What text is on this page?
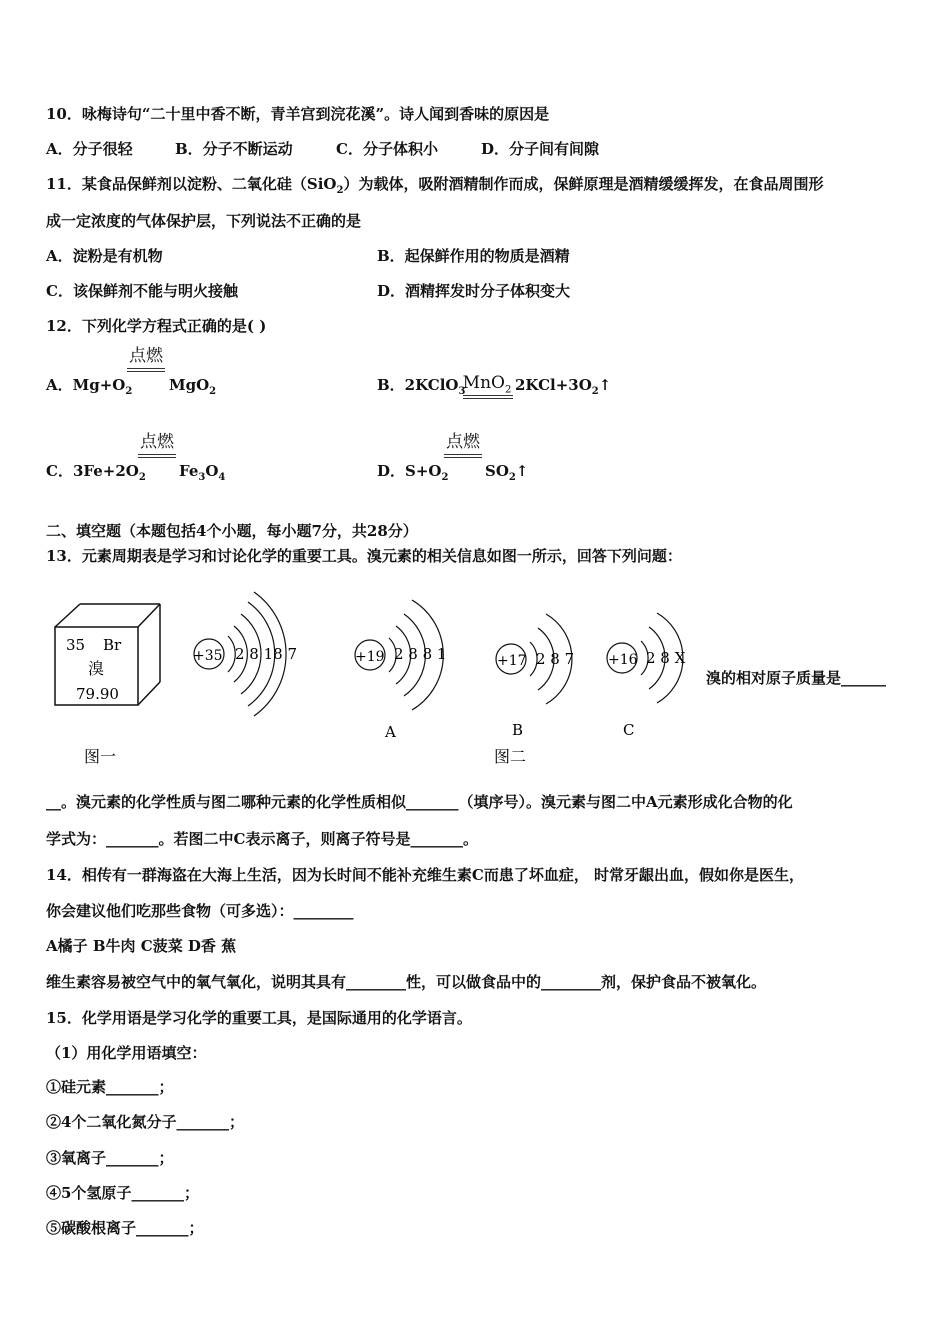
10．咏梅诗句“二十里中香不断，青羊宫到浣花溪”。诗人闻到香味的原因是
A．分子很轻	B．分子不断运动	C．分子体积小	D．分子间有间隙
11．某食品保鲜剂以淀粉、二氧化硅（SiO$_2$）为载体，吸附酒精制作而成，保鲜原理是酒精缓缓挥发，在食品周围形
成一定浓度的气体保护层，下列说法不正确的是
A．淀粉是有机物	B．起保鲜作用的物质是酒精
C．该保鲜剂不能与明火接触	D．酒精挥发时分子体积变大
12．下列化学方程式正确的是( )
A．$Mg+O_2$
点燃
MgO$_2$	B．2KClO$_3$
MnO$_2$ $2KCl+3O_2↑$
C．$3Fe+2O_2$
点燃
$Fe_3O_4$	D．$S+O_2$
点燃
$SO_2↑$
二、填空题（本题包括4个小题，每小题7分，共28分）
13．元素周期表是学习和讨论化学的重要工具。溴元素的相关信息如图一所示，回答下列问题：
35 Br
溴
79.90
+35 2 8 18 7	+19 2 8 8 1
A
+17 2 8 7
B
+16 2 8 X
C
图一	图二
溴的相对原子质量是______
__。溴元素的化学性质与图二哪种元素的化学性质相似_______（填序号）。溴元素与图二中A元素形成化合物的化
学式为：_______。若图二中C表示离子，则离子符号是_______。
14．相传有一群海盗在大海上生活，因为长时间不能补充维生素C而患了坏血症， 时常牙龈出血，假如你是医生，
你会建议他们吃那些食物（可多选）：________
A橘子 B牛肉 C菠菜 D香 蕉
维生素容易被空气中的氧气氧化，说明其具有________性，可以做食品中的________剂，保护食品不被氧化。
15．化学用语是学习化学的重要工具，是国际通用的化学语言。
（1）用化学用语填空：
①硅元素_______；
②4个二氧化氮分子_______；
③氧离子_______；
④5个氢原子_______；
⑤碳酸根离子_______；
